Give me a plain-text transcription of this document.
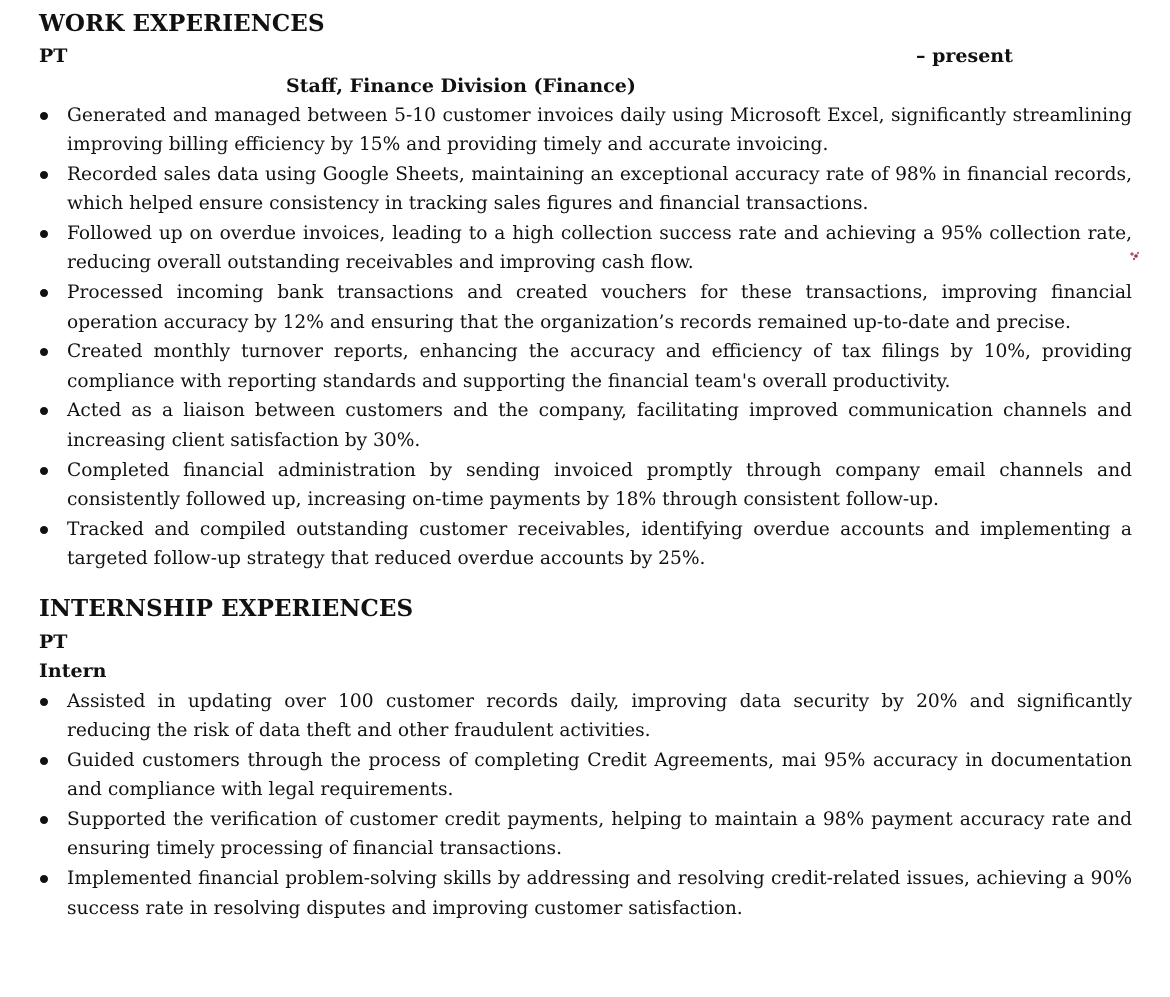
WORK EXPERIENCES
PT	– present
Staff, Finance Division (Finance)
Generated and managed between 5-10 customer invoices daily using Microsoft Excel, significantly streamlining improving billing efficiency by 15% and providing timely and accurate invoicing.
Recorded sales data using Google Sheets, maintaining an exceptional accuracy rate of 98% in financial records, which helped ensure consistency in tracking sales figures and financial transactions.
Followed up on overdue invoices, leading to a high collection success rate and achieving a 95% collection rate, reducing overall outstanding receivables and improving cash flow.
Processed incoming bank transactions and created vouchers for these transactions, improving financial operation accuracy by 12% and ensuring that the organization’s records remained up-to-date and precise.
Created monthly turnover reports, enhancing the accuracy and efficiency of tax filings by 10%, providing compliance with reporting standards and supporting the financial team's overall productivity.
Acted as a liaison between customers and the company, facilitating improved communication channels and increasing client satisfaction by 30%.
Completed financial administration by sending invoiced promptly through company email channels and consistently followed up, increasing on-time payments by 18% through consistent follow-up.
Tracked and compiled outstanding customer receivables, identifying overdue accounts and implementing a targeted follow-up strategy that reduced overdue accounts by 25%.
INTERNSHIP EXPERIENCES
PT
Intern
Assisted in updating over 100 customer records daily, improving data security by 20% and significantly reducing the risk of data theft and other fraudulent activities.
Guided customers through the process of completing Credit Agreements, mai 95% accuracy in documentation and compliance with legal requirements.
Supported the verification of customer credit payments, helping to maintain a 98% payment accuracy rate and ensuring timely processing of financial transactions.
Implemented financial problem-solving skills by addressing and resolving credit-related issues, achieving a 90% success rate in resolving disputes and improving customer satisfaction.
